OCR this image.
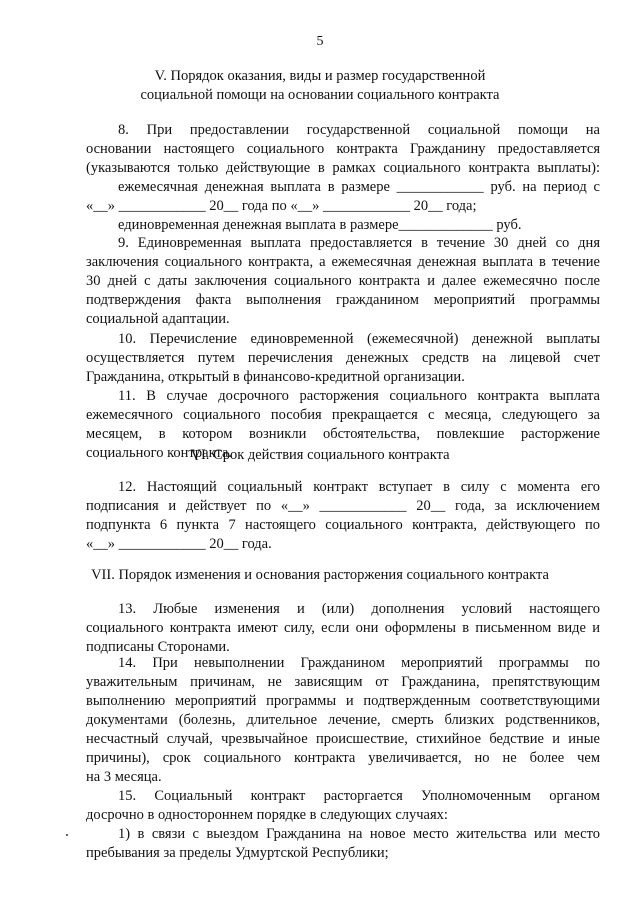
5
V. Порядок оказания, виды и размер государственной
социальной помощи на основании социального контракта
8. При предоставлении государственной социальной помощи на
основании настоящего социального контракта Гражданину предоставляется
(указываются только действующие в рамках социального контракта выплаты):
ежемесячная денежная выплата в размере ____________ руб. на период с
«__» ____________ 20__ года по «__» ____________ 20__ года;
единовременная денежная выплата в размере_____________ руб.
9. Единовременная выплата предоставляется в течение 30 дней со дня
заключения социального контракта, а ежемесячная денежная выплата в течение
30 дней с даты заключения социального контракта и далее ежемесячно после
подтверждения факта выполнения гражданином мероприятий программы
социальной адаптации.
10. Перечисление единовременной (ежемесячной) денежной выплаты
осуществляется путем перечисления денежных средств на лицевой счет
Гражданина, открытый в финансово-кредитной организации.
11. В случае досрочного расторжения социального контракта выплата
ежемесячного социального пособия прекращается с месяца, следующего за
месяцем, в котором возникли обстоятельства, повлекшие расторжение
социального контракта.
VI. Срок действия социального контракта
12. Настоящий социальный контракт вступает в силу с момента его
подписания и действует по «__» ____________ 20__ года, за исключением
подпункта 6 пункта 7 настоящего социального контракта, действующего по
«__» ____________ 20__ года.
VII. Порядок изменения и основания расторжения социального контракта
13. Любые изменения и (или) дополнения условий настоящего
социального контракта имеют силу, если они оформлены в письменном виде и
подписаны Сторонами.
14. При невыполнении Гражданином мероприятий программы по
уважительным причинам, не зависящим от Гражданина, препятствующим
выполнению мероприятий программы и подтвержденным соответствующими
документами (болезнь, длительное лечение, смерть близких родственников,
несчастный случай, чрезвычайное происшествие, стихийное бедствие и иные
причины), срок социального контракта увеличивается, но не более чем
на 3 месяца.
15. Социальный контракт расторгается Уполномоченным органом
досрочно в одностороннем порядке в следующих случаях:
1) в связи с выездом Гражданина на новое место жительства или место
пребывания за пределы Удмуртской Республики;
